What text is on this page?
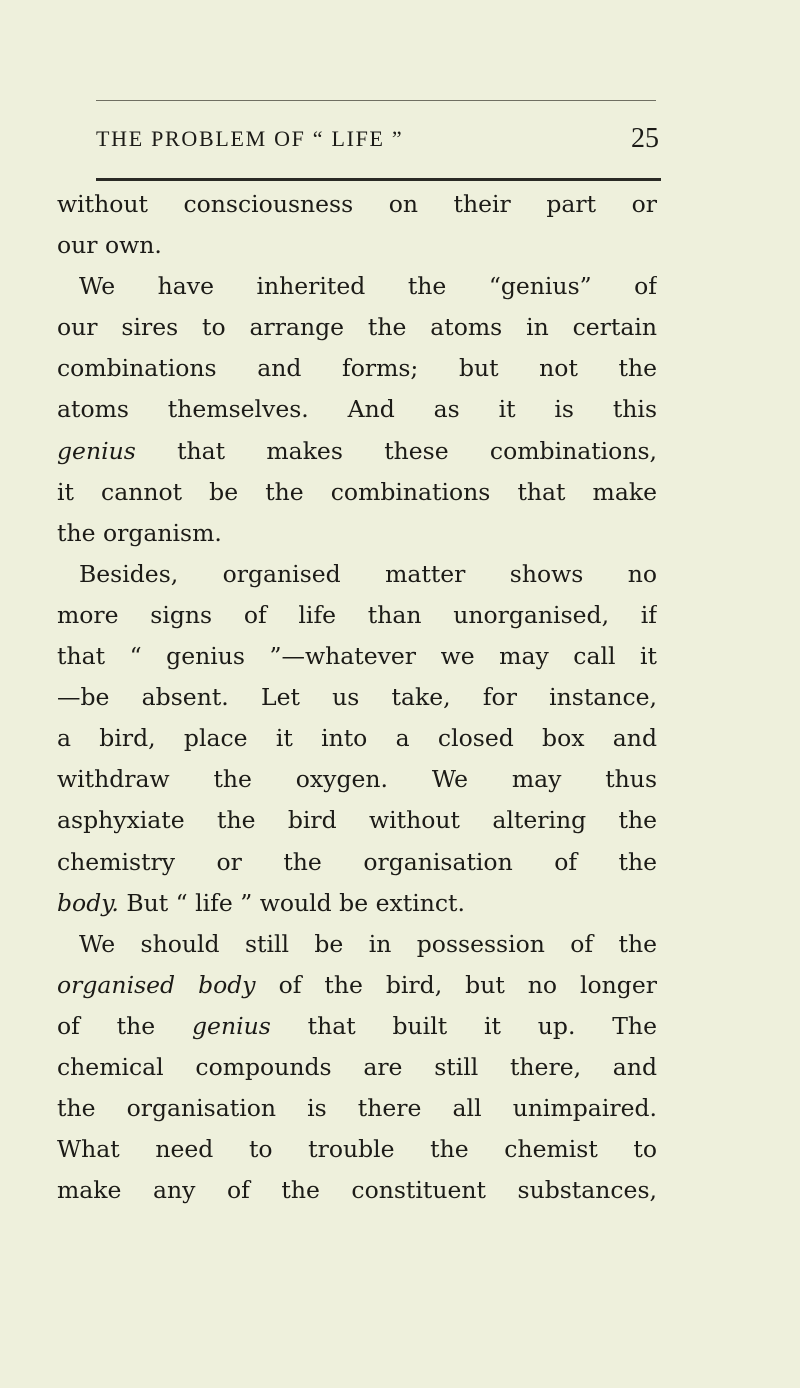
THE PROBLEM OF “ LIFE ”	25
without consciousness on their part or
our own.
We have inherited the “genius” of
our sires to arrange the atoms in certain
combinations and forms; but not the
atoms themselves. And as it is this
genius that makes these combinations,
it cannot be the combinations that make
the organism.
Besides, organised matter shows no
more signs of life than unorganised, if
that “ genius ”—whatever we may call it
—be absent. Let us take, for instance,
a bird, place it into a closed box and
withdraw the oxygen. We may thus
asphyxiate the bird without altering the
chemistry or the organisation of the
body. But “ life ” would be extinct.
We should still be in possession of the
organised body of the bird, but no longer
of the genius that built it up. The
chemical compounds are still there, and
the organisation is there all unimpaired.
What need to trouble the chemist to
make any of the constituent substances,
